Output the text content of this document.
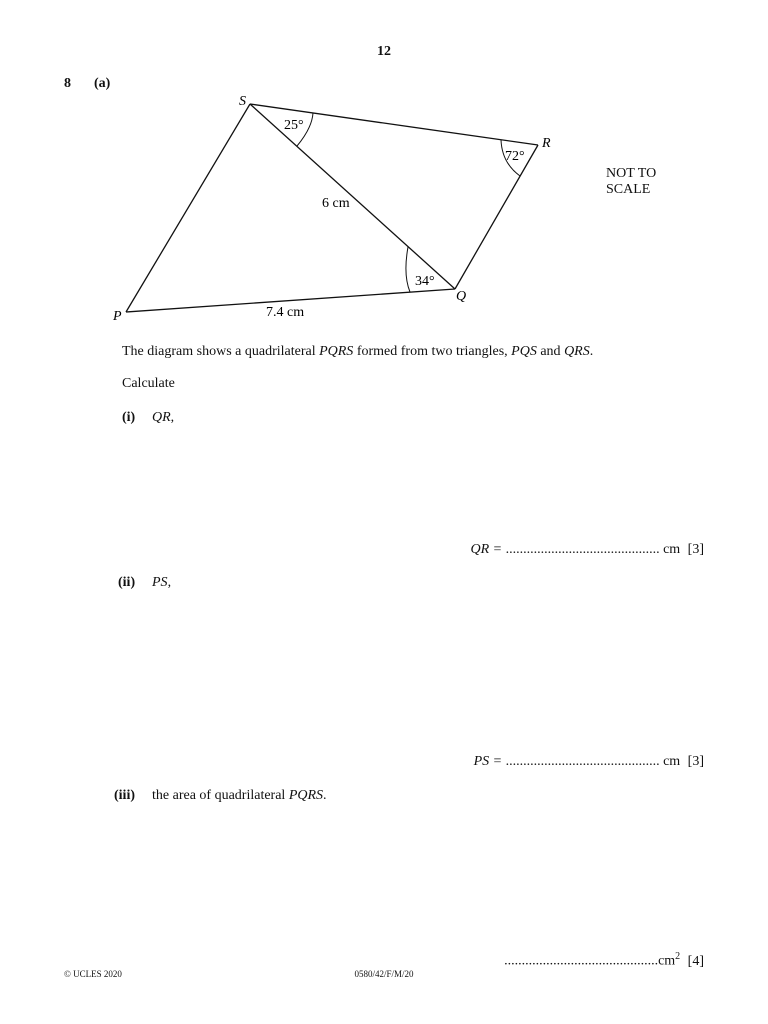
12
8 (a)
S
R
Q
P
25°
72°
34°
6 cm
7.4 cm
NOT TO
SCALE
The diagram shows a quadrilateral PQRS formed from two triangles, PQS and QRS.
Calculate
(i) QR,
QR = ............................................ cm [3]
(ii) PS,
PS = ............................................ cm [3]
(iii) the area of quadrilateral PQRS.
$............................................cm^2$ [4]
© UCLES 2020	0580/42/F/M/20
